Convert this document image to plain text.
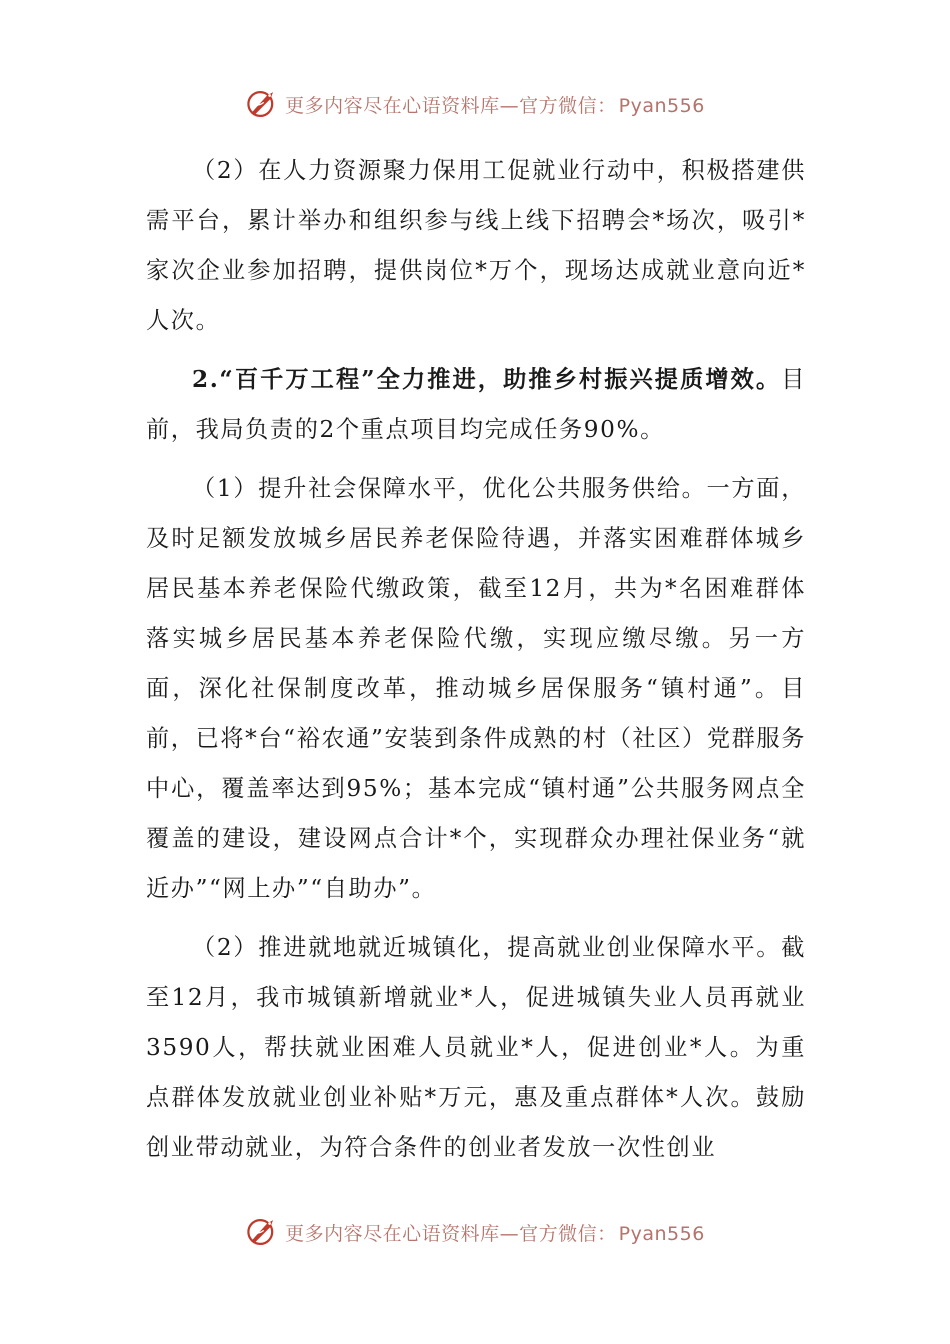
更多内容尽在心语资料库—官方微信： Pyan556

（2）在人力资源聚力保用工促就业行动中，积极搭建供需平台，累计举办和组织参与线上线下招聘会*场次，吸引*家次企业参加招聘，提供岗位*万个，现场达成就业意向近*人次。

2.“百千万工程”全力推进，助推乡村振兴提质增效。目前，我局负责的2个重点项目均完成任务90%。

（1）提升社会保障水平，优化公共服务供给。一方面，及时足额发放城乡居民养老保险待遇，并落实困难群体城乡居民基本养老保险代缴政策，截至12月，共为*名困难群体落实城乡居民基本养老保险代缴，实现应缴尽缴。另一方面，深化社保制度改革，推动城乡居保服务“镇村通”。目前，已将*台“裕农通”安装到条件成熟的村（社区）党群服务中心，覆盖率达到95%；基本完成“镇村通”公共服务网点全覆盖的建设，建设网点合计*个，实现群众办理社保业务“就近办”“网上办”“自助办”。

（2）推进就地就近城镇化，提高就业创业保障水平。截至12月，我市城镇新增就业*人，促进城镇失业人员再就业3590人，帮扶就业困难人员就业*人，促进创业*人。为重点群体发放就业创业补贴*万元，惠及重点群体*人次。鼓励创业带动就业，为符合条件的创业者发放一次性创业

更多内容尽在心语资料库—官方微信： Pyan556
